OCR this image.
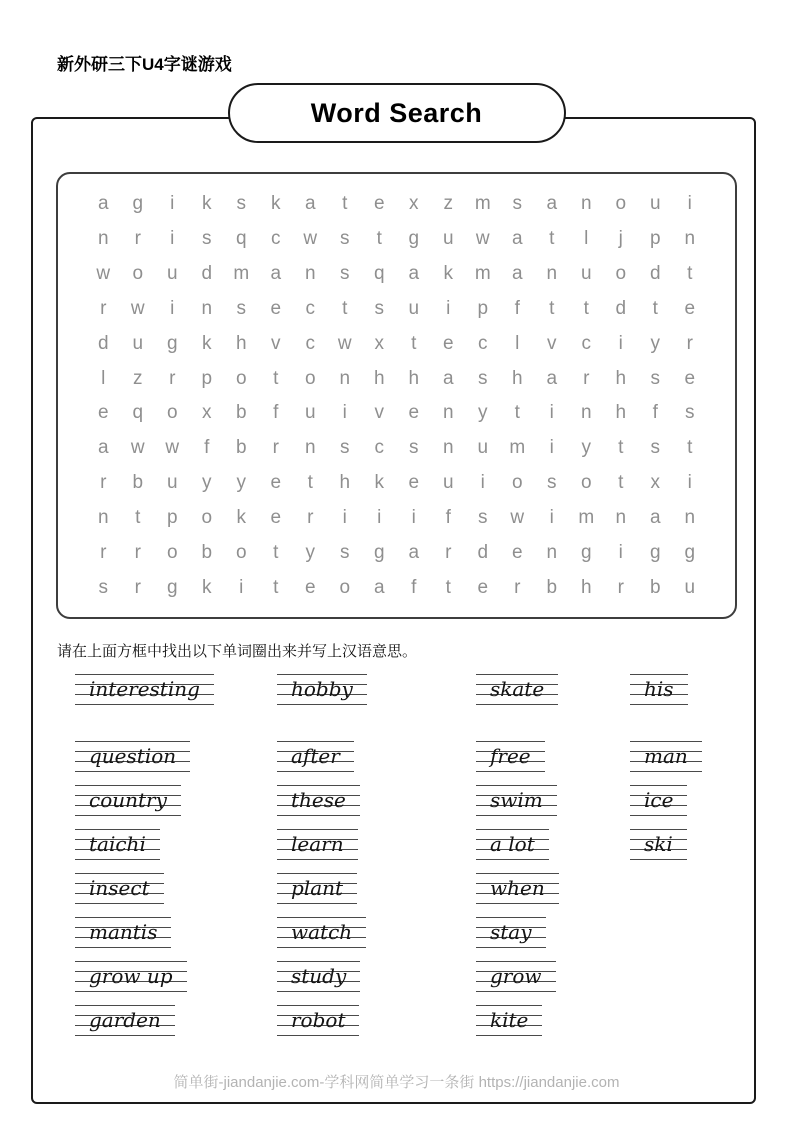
新外研三下U4字谜游戏
Word Search
a	g	i	k	s	k	a	t	e	x	z	m	s	a	n	o	u	i
n	r	i	s	q	c	w	s	t	g	u	w	a	t	l	j	p	n
w	o	u	d	m	a	n	s	q	a	k	m	a	n	u	o	d	t
r	w	i	n	s	e	c	t	s	u	i	p	f	t	t	d	t	e
d	u	g	k	h	v	c	w	x	t	e	c	l	v	c	i	y	r
l	z	r	p	o	t	o	n	h	h	a	s	h	a	r	h	s	e
e	q	o	x	b	f	u	i	v	e	n	y	t	i	n	h	f	s
a	w	w	f	b	r	n	s	c	s	n	u	m	i	y	t	s	t
r	b	u	y	y	e	t	h	k	e	u	i	o	s	o	t	x	i
n	t	p	o	k	e	r	i	i	i	f	s	w	i	m	n	a	n
r	r	o	b	o	t	y	s	g	a	r	d	e	n	g	i	g	g
s	r	g	k	i	t	e	o	a	f	t	e	r	b	h	r	b	u
请在上面方框中找出以下单词圈出来并写上汉语意思。
interesting	hobby	skate	his
question	after	free	man
country	these	swim	ice
taichi	learn	a lot	ski
insect	plant	when
mantis	watch	stay
grow up	study	grow
garden	robot	kite
简单街-jiandanjie.com-学科网简单学习一条街 https://jiandanjie.com
